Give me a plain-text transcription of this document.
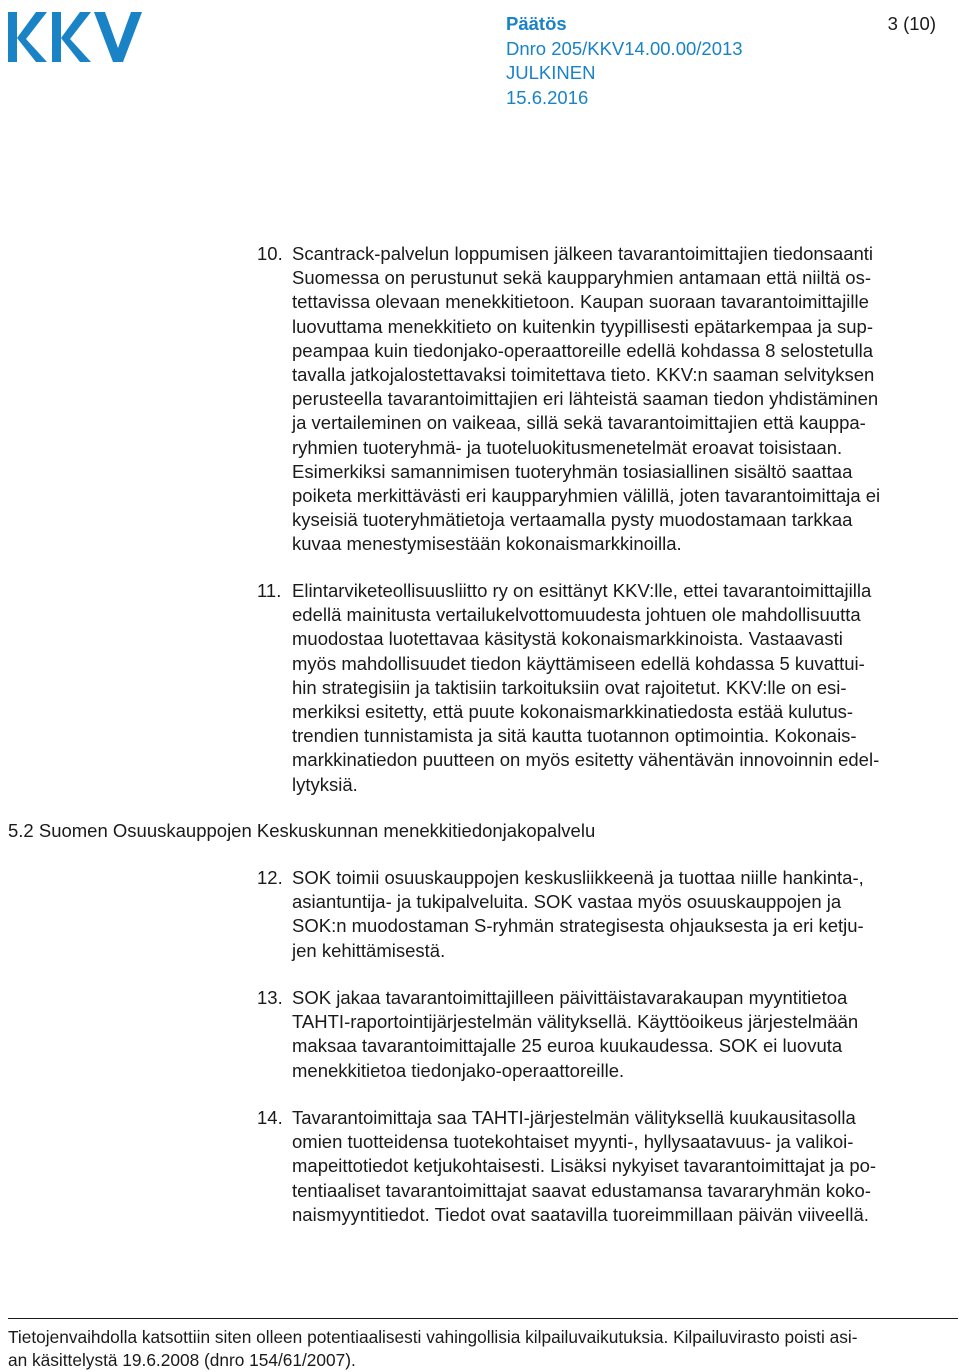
Päätös	3 (10)
Dnro 205/KKV14.00.00/2013
JULKINEN
15.6.2016
10. Scantrack-palvelun loppumisen jälkeen tavarantoimittajien tiedonsaanti
Suomessa on perustunut sekä kaupparyhmien antamaan että niiltä os-
tettavissa olevaan menekkitietoon. Kaupan suoraan tavarantoimittajille
luovuttama menekkitieto on kuitenkin tyypillisesti epätarkempaa ja sup-
peampaa kuin tiedonjako-operaattoreille edellä kohdassa 8 selostetulla
tavalla jatkojalostettavaksi toimitettava tieto. KKV:n saaman selvityksen
perusteella tavarantoimittajien eri lähteistä saaman tiedon yhdistäminen
ja vertaileminen on vaikeaa, sillä sekä tavarantoimittajien että kauppa-
ryhmien tuoteryhmä- ja tuoteluokitusmenetelmät eroavat toisistaan.
Esimerkiksi samannimisen tuoteryhmän tosiasiallinen sisältö saattaa
poiketa merkittävästi eri kaupparyhmien välillä, joten tavarantoimittaja ei
kyseisiä tuoteryhmätietoja vertaamalla pysty muodostamaan tarkkaa
kuvaa menestymisestään kokonaismarkkinoilla.
11. Elintarviketeollisuusliitto ry on esittänyt KKV:lle, ettei tavarantoimittajilla
edellä mainitusta vertailukelvottomuudesta johtuen ole mahdollisuutta
muodostaa luotettavaa käsitystä kokonaismarkkinoista. Vastaavasti
myös mahdollisuudet tiedon käyttämiseen edellä kohdassa 5 kuvattui-
hin strategisiin ja taktisiin tarkoituksiin ovat rajoitetut. KKV:lle on esi-
merkiksi esitetty, että puute kokonaismarkkinatiedosta estää kulutus-
trendien tunnistamista ja sitä kautta tuotannon optimointia. Kokonais-
markkinatiedon puutteen on myös esitetty vähentävän innovoinnin edel-
lytyksiä.
5.2 Suomen Osuuskauppojen Keskuskunnan menekkitiedonjakopalvelu
12. SOK toimii osuuskauppojen keskusliikkeenä ja tuottaa niille hankinta-,
asiantuntija- ja tukipalveluita. SOK vastaa myös osuuskauppojen ja
SOK:n muodostaman S-ryhmän strategisesta ohjauksesta ja eri ketju-
jen kehittämisestä.
13. SOK jakaa tavarantoimittajilleen päivittäistavarakaupan myyntitietoa
TAHTI-raportointijärjestelmän välityksellä. Käyttöoikeus järjestelmään
maksaa tavarantoimittajalle 25 euroa kuukaudessa. SOK ei luovuta
menekkitietoa tiedonjako-operaattoreille.
14. Tavarantoimittaja saa TAHTI-järjestelmän välityksellä kuukausitasolla
omien tuotteidensa tuotekohtaiset myynti-, hyllysaatavuus- ja valikoi-
mapeittotiedot ketjukohtaisesti. Lisäksi nykyiset tavarantoimittajat ja po-
tentiaaliset tavarantoimittajat saavat edustamansa tavararyhmän koko-
naismyyntitiedot. Tiedot ovat saatavilla tuoreimmillaan päivän viiveellä.
Tietojenvaihdolla katsottiin siten olleen potentiaalisesti vahingollisia kilpailuvaikutuksia. Kilpailuvirasto poisti asi-
an käsittelystä 19.6.2008 (dnro 154/61/2007).
